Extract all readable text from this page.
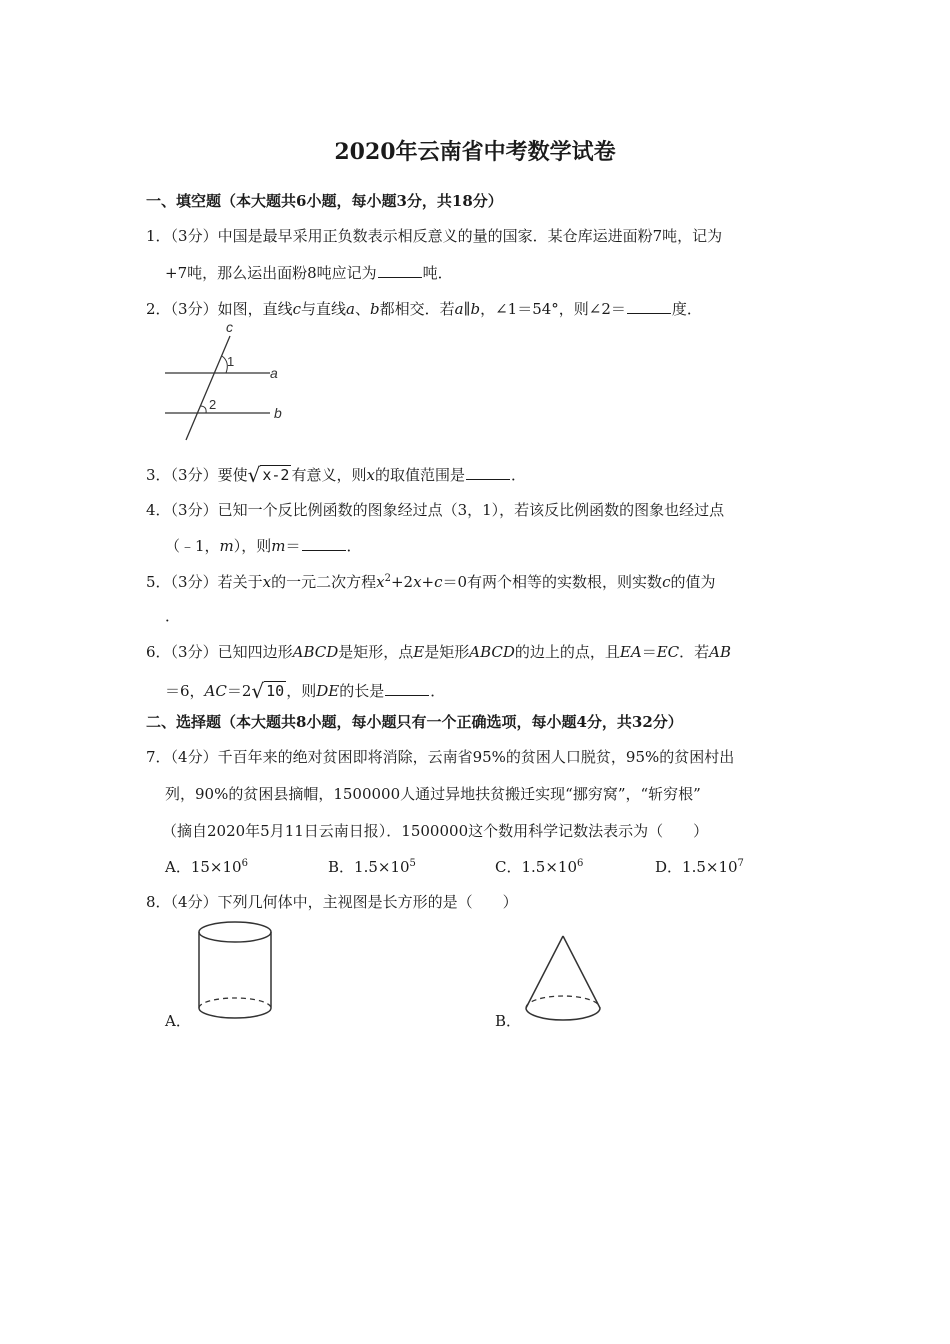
2020年云南省中考数学试卷
一、填空题（本大题共6小题，每小题3分，共18分）
1．（3分）中国是最早采用正负数表示相反意义的量的国家．某仓库运进面粉7吨，记为
+7吨，那么运出面粉8吨应记为	吨．
2．（3分）如图，直线c与直线a、b都相交．若a∥b，∠1＝54°，则∠2＝	度．
c
1
a
2
b
3．（3分）要使√ x-2 有意义，则x的取值范围是	．
4．（3分）已知一个反比例函数的图象经过点（3，1），若该反比例函数的图象也经过点
（﹣1，m），则m＝	．
5．（3分）若关于x的一元二次方程$x^2+2x+c=0$有两个相等的实数根，则实数c的值为
．
6．（3分）已知四边形ABCD是矩形，点E是矩形ABCD的边上的点，且EA＝EC．若AB
＝6，AC＝2√ 10 ，则DE的长是	．
二、选择题（本大题共8小题，每小题只有一个正确选项，每小题4分，共32分）
7．（4分）千百年来的绝对贫困即将消除，云南省95%的贫困人口脱贫，95%的贫困村出
列，90%的贫困县摘帽，1500000人通过异地扶贫搬迁实现“挪穷窝”，“斩穷根”
（摘自2020年5月11日云南日报）．1500000这个数用科学记数法表示为（　　）
A．$15\times 10^6$	B．$1.5\times 10^5$	C．$1.5\times 10^6$	D．$1.5\times 10^7$
8．（4分）下列几何体中，主视图是长方形的是（　　）
A．	B．
